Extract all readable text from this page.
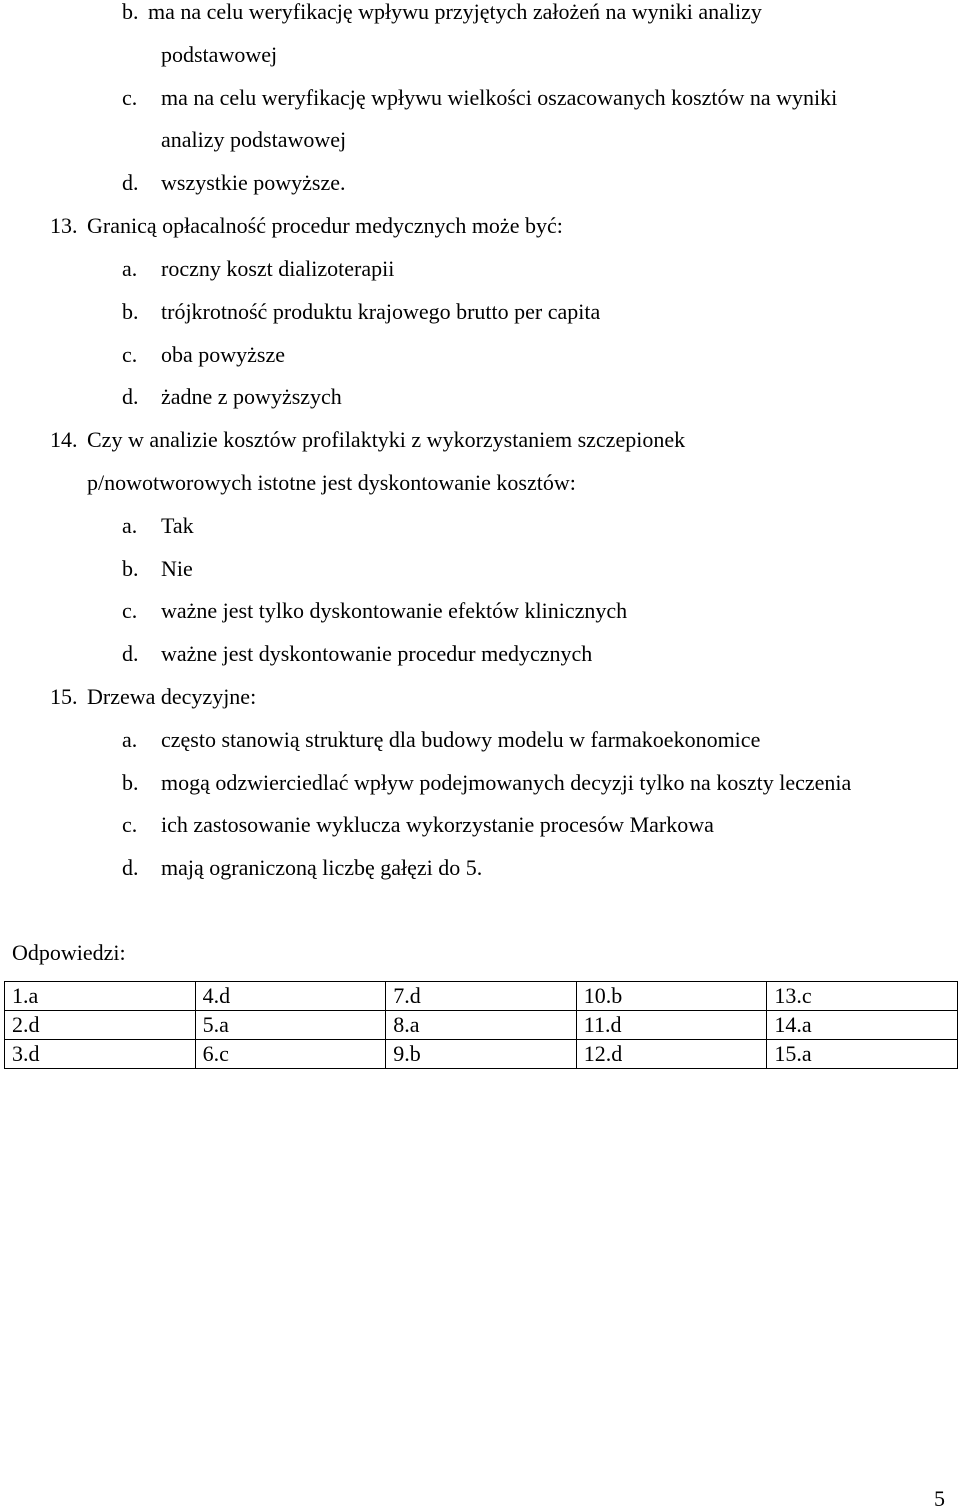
b. ma na celu weryfikację wpływu przyjętych założeń na wyniki analizy
podstawowej
c. ma na celu weryfikację wpływu wielkości oszacowanych kosztów na wyniki
analizy podstawowej
d. wszystkie powyższe.
13. Granicą opłacalność procedur medycznych może być:
a. roczny koszt dializoterapii
b. trójkrotność produktu krajowego brutto per capita
c. oba powyższe
d. żadne z powyższych
14. Czy w analizie kosztów profilaktyki z wykorzystaniem szczepionek
p/nowotworowych istotne jest dyskontowanie kosztów:
a. Tak
b. Nie
c. ważne jest tylko dyskontowanie efektów klinicznych
d. ważne jest dyskontowanie procedur medycznych
15. Drzewa decyzyjne:
a. często stanowią strukturę dla budowy modelu w farmakoekonomice
b. mogą odzwierciedlać wpływ podejmowanych decyzji tylko na koszty leczenia
c. ich zastosowanie wyklucza wykorzystanie procesów Markowa
d. mają ograniczoną liczbę gałęzi do 5.
Odpowiedzi:
1.a	4.d	7.d	10.b	13.c
2.d	5.a	8.a	11.d	14.a
3.d	6.c	9.b	12.d	15.a
5
